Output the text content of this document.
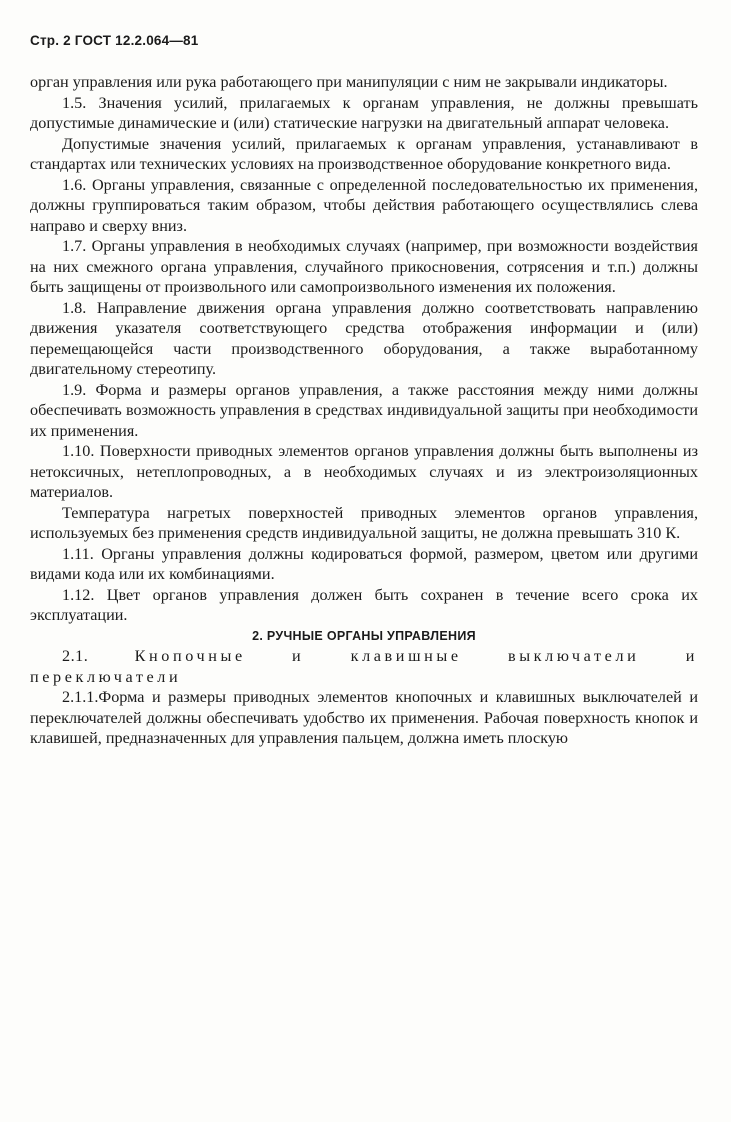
Стр. 2 ГОСТ 12.2.064—81

орган управления или рука работающего при манипуляции с ним не закрывали индикаторы.

1.5. Значения усилий, прилагаемых к органам управления, не должны превышать допустимые динамические и (или) статические нагрузки на двигательный аппарат человека.

Допустимые значения усилий, прилагаемых к органам управления, устанавливают в стандартах или технических условиях на производственное оборудование конкретного вида.

1.6. Органы управления, связанные с определенной последовательностью их применения, должны группироваться таким образом, чтобы действия работающего осуществлялись слева направо и сверху вниз.

1.7. Органы управления в необходимых случаях (например, при возможности воздействия на них смежного органа управления, случайного прикосновения, сотрясения и т.п.) должны быть защищены от произвольного или самопроизвольного изменения их положения.

1.8. Направление движения органа управления должно соответствовать направлению движения указателя соответствующего средства отображения информации и (или) перемещающейся части производственного оборудования, а также выработанному двигательному стереотипу.

1.9. Форма и размеры органов управления, а также расстояния между ними должны обеспечивать возможность управления в средствах индивидуальной защиты при необходимости их применения.

1.10. Поверхности приводных элементов органов управления должны быть выполнены из нетоксичных, нетеплопроводных, а в необходимых случаях и из электроизоляционных материалов.

Температура нагретых поверхностей приводных элементов органов управления, используемых без применения средств индивидуальной защиты, не должна превышать 310 К.

1.11. Органы управления должны кодироваться формой, размером, цветом или другими видами кода или их комбинациями.

1.12. Цвет органов управления должен быть сохранен в течение всего срока их эксплуатации.

2. РУЧНЫЕ ОРГАНЫ УПРАВЛЕНИЯ

2.1.	Кнопочные и клавишные выключатели и переключатели

2.1.1.Форма и размеры приводных элементов кнопочных и клавишных выключателей и переключателей должны обеспечивать удобство их применения. Рабочая поверхность кнопок и клавишей, предназначенных для управления пальцем, должна иметь плоскую
